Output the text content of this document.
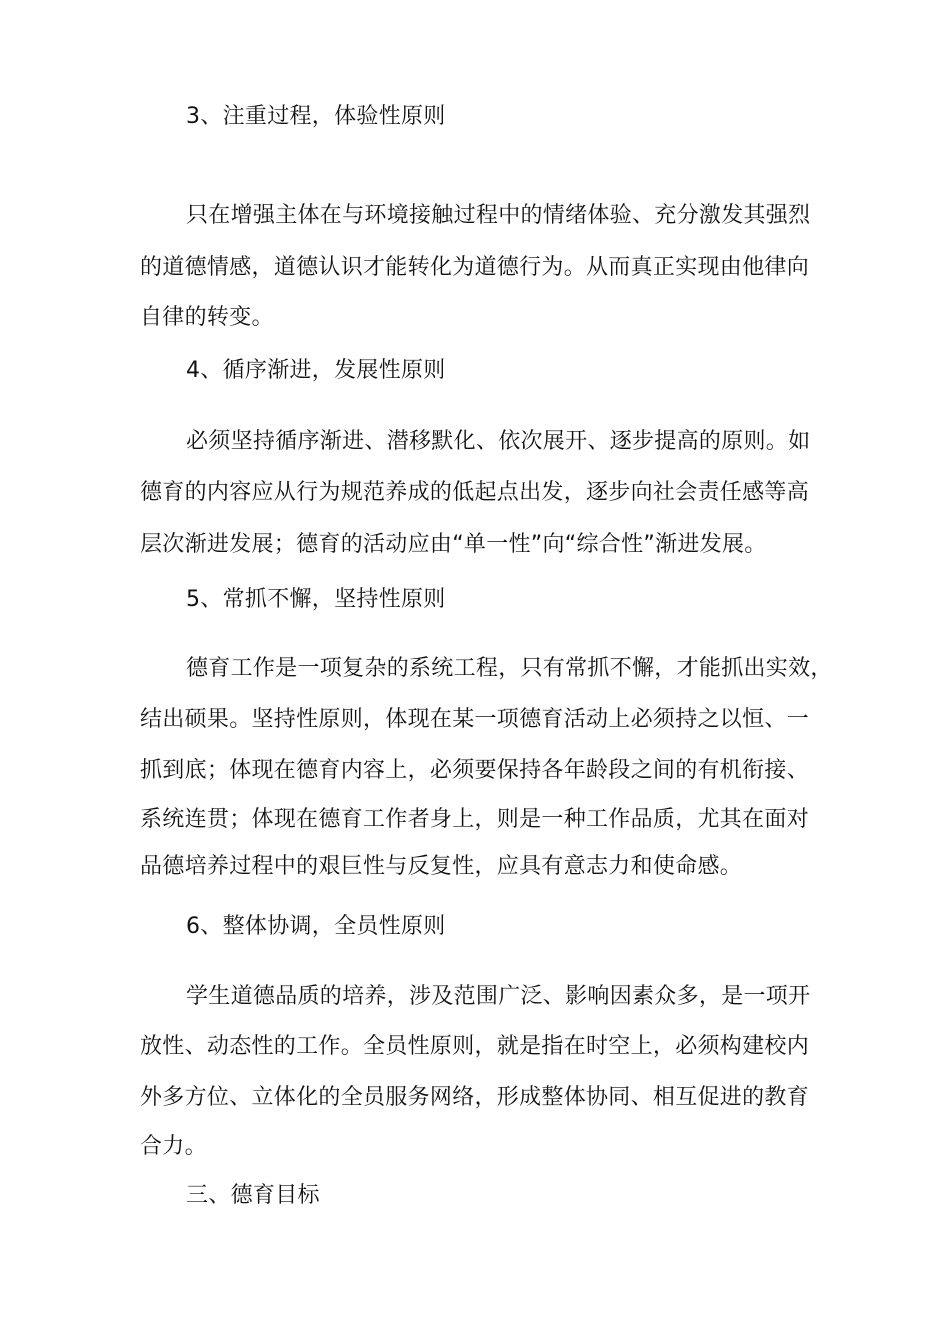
3、注重过程，体验性原则
只在增强主体在与环境接触过程中的情绪体验、充分激发其强烈
的道德情感，道德认识才能转化为道德行为。从而真正实现由他律向
自律的转变。
4、循序渐进，发展性原则
必须坚持循序渐进、潜移默化、依次展开、逐步提高的原则。如
德育的内容应从行为规范养成的低起点出发，逐步向社会责任感等高
层次渐进发展；德育的活动应由“单一性”向“综合性”渐进发展。
5、常抓不懈，坚持性原则
德育工作是一项复杂的系统工程，只有常抓不懈，才能抓出实效，
结出硕果。坚持性原则，体现在某一项德育活动上必须持之以恒、一
抓到底；体现在德育内容上，必须要保持各年龄段之间的有机衔接、
系统连贯；体现在德育工作者身上，则是一种工作品质，尤其在面对
品德培养过程中的艰巨性与反复性，应具有意志力和使命感。
6、整体协调，全员性原则
学生道德品质的培养，涉及范围广泛、影响因素众多，是一项开
放性、动态性的工作。全员性原则，就是指在时空上，必须构建校内
外多方位、立体化的全员服务网络，形成整体协同、相互促进的教育
合力。
三、德育目标
